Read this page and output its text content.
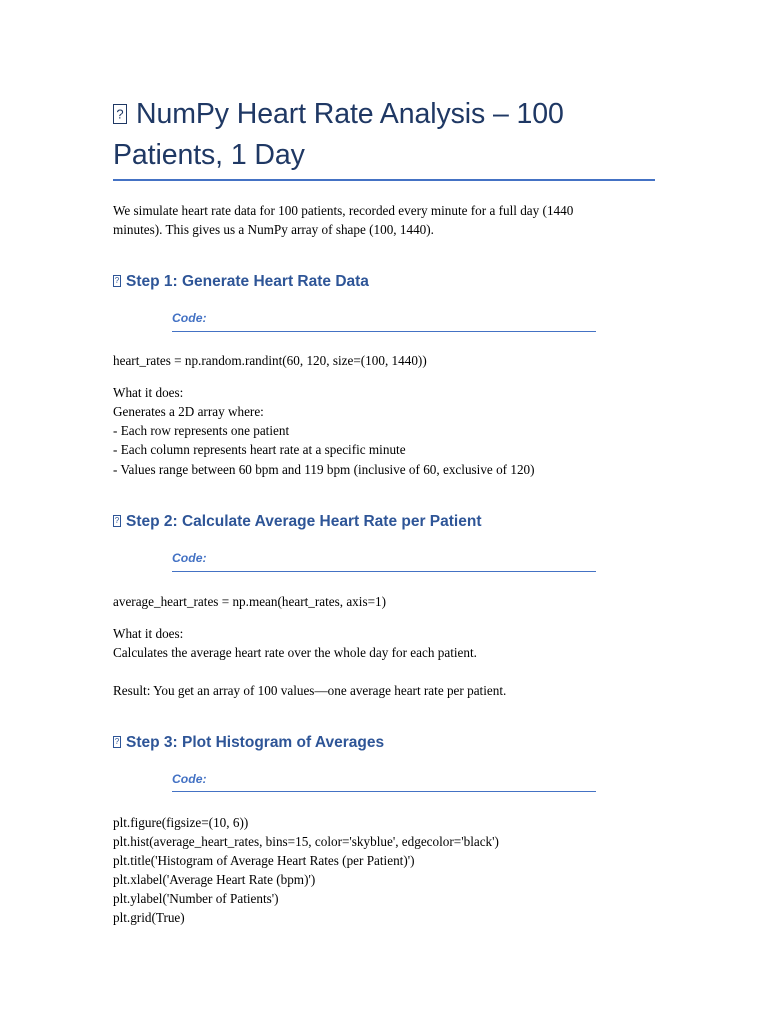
?NumPy Heart Rate Analysis – 100
Patients, 1 Day
We simulate heart rate data for 100 patients, recorded every minute for a full day (1440
minutes). This gives us a NumPy array of shape (100, 1440).
?Step 1: Generate Heart Rate Data
Code:
heart_rates = np.random.randint(60, 120, size=(100, 1440))
What it does:
Generates a 2D array where:
- Each row represents one patient
- Each column represents heart rate at a specific minute
- Values range between 60 bpm and 119 bpm (inclusive of 60, exclusive of 120)
?Step 2: Calculate Average Heart Rate per Patient
Code:
average_heart_rates = np.mean(heart_rates, axis=1)
What it does:
Calculates the average heart rate over the whole day for each patient.
Result: You get an array of 100 values—one average heart rate per patient.
?Step 3: Plot Histogram of Averages
Code:
plt.figure(figsize=(10, 6))
plt.hist(average_heart_rates, bins=15, color='skyblue', edgecolor='black')
plt.title('Histogram of Average Heart Rates (per Patient)')
plt.xlabel('Average Heart Rate (bpm)')
plt.ylabel('Number of Patients')
plt.grid(True)
